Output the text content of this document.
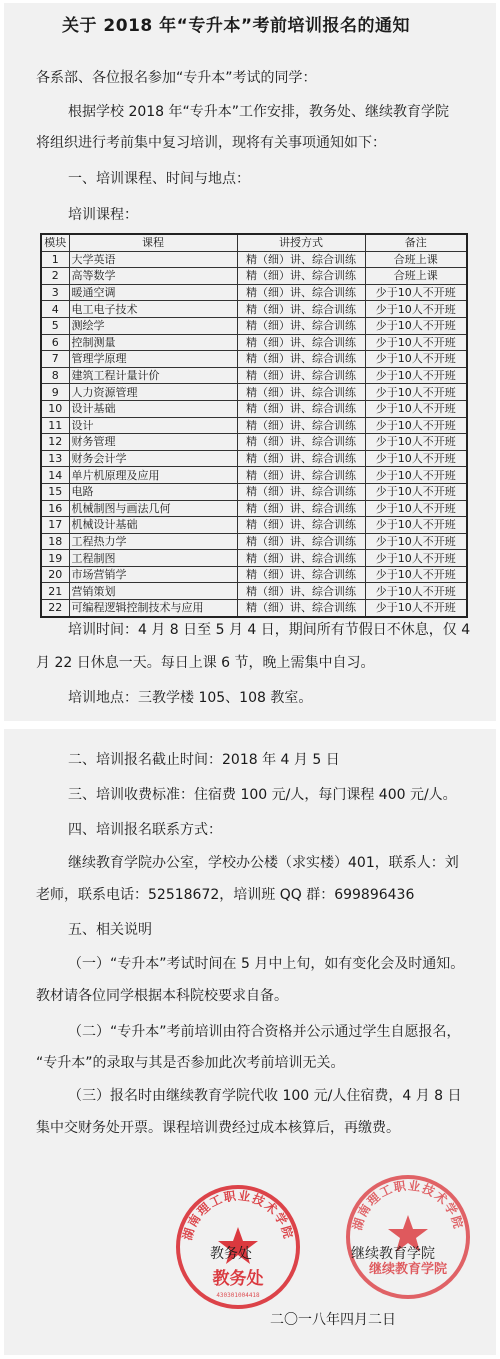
关于 2018 年“专升本”考前培训报名的通知
各系部、各位报名参加“专升本”考试的同学：
根据学校 2018 年“专升本”工作安排，教务处、继续教育学院
将组织进行考前集中复习培训，现将有关事项通知如下：
一、培训课程、时间与地点：
培训课程：
模块	课程	讲授方式	备注
1	大学英语	精（细）讲、综合训练	合班上课
2	高等数学	精（细）讲、综合训练	合班上课
3	暖通空调	精（细）讲、综合训练	少于10人不开班
4	电工电子技术	精（细）讲、综合训练	少于10人不开班
5	测绘学	精（细）讲、综合训练	少于10人不开班
6	控制测量	精（细）讲、综合训练	少于10人不开班
7	管理学原理	精（细）讲、综合训练	少于10人不开班
8	建筑工程计量计价	精（细）讲、综合训练	少于10人不开班
9	人力资源管理	精（细）讲、综合训练	少于10人不开班
10	设计基础	精（细）讲、综合训练	少于10人不开班
11	设计	精（细）讲、综合训练	少于10人不开班
12	财务管理	精（细）讲、综合训练	少于10人不开班
13	财务会计学	精（细）讲、综合训练	少于10人不开班
14	单片机原理及应用	精（细）讲、综合训练	少于10人不开班
15	电路	精（细）讲、综合训练	少于10人不开班
16	机械制图与画法几何	精（细）讲、综合训练	少于10人不开班
17	机械设计基础	精（细）讲、综合训练	少于10人不开班
18	工程热力学	精（细）讲、综合训练	少于10人不开班
19	工程制图	精（细）讲、综合训练	少于10人不开班
20	市场营销学	精（细）讲、综合训练	少于10人不开班
21	营销策划	精（细）讲、综合训练	少于10人不开班
22	可编程逻辑控制技术与应用	精（细）讲、综合训练	少于10人不开班
培训时间：4 月 8 日至 5 月 4 日，期间所有节假日不休息，仅 4
月 22 日休息一天。每日上课 6 节，晚上需集中自习。
培训地点：三教学楼 105、108 教室。
二、培训报名截止时间：2018 年 4 月 5 日
三、培训收费标准：住宿费 100 元/人，每门课程 400 元/人。
四、培训报名联系方式：
继续教育学院办公室，学校办公楼（求实楼）401，联系人：刘
老师，联系电话：52518672，培训班 QQ 群：699896436
五、相关说明
（一）“专升本”考试时间在 5 月中上旬，如有变化会及时通知。
教材请各位同学根据本科院校要求自备。
（二）“专升本”考前培训由符合资格并公示通过学生自愿报名，
“专升本”的录取与其是否参加此次考前培训无关。
（三）报名时由继续教育学院代收 100 元/人住宿费，4 月 8 日
集中交财务处开票。课程培训费经过成本核算后，再缴费。
湖南理工职业技术学院
教务处
430301004418
湖南理工职业技术学院
继续教育学院
教务处	继续教育学院
二〇一八年四月二日
